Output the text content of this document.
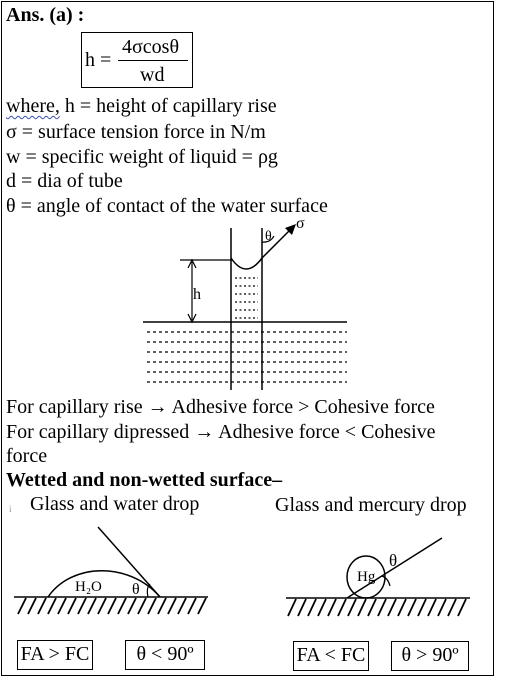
Ans. (a) :
h =
4σcosθ
wd
where, h = height of capillary rise
σ = surface tension force in N/m
w = specific weight of liquid = ρg
d = dia of tube
θ = angle of contact of the water surface
h
θ
σ
For capillary rise → Adhesive force > Cohesive force
For capillary dipressed → Adhesive force < Cohesive
force
Wetted and non-wetted surface–
i Glass and water drop	Glass and mercury drop
H₂O θ
Hg
θ
FA > FC	θ < 90º	FA < FC	θ > 90º
